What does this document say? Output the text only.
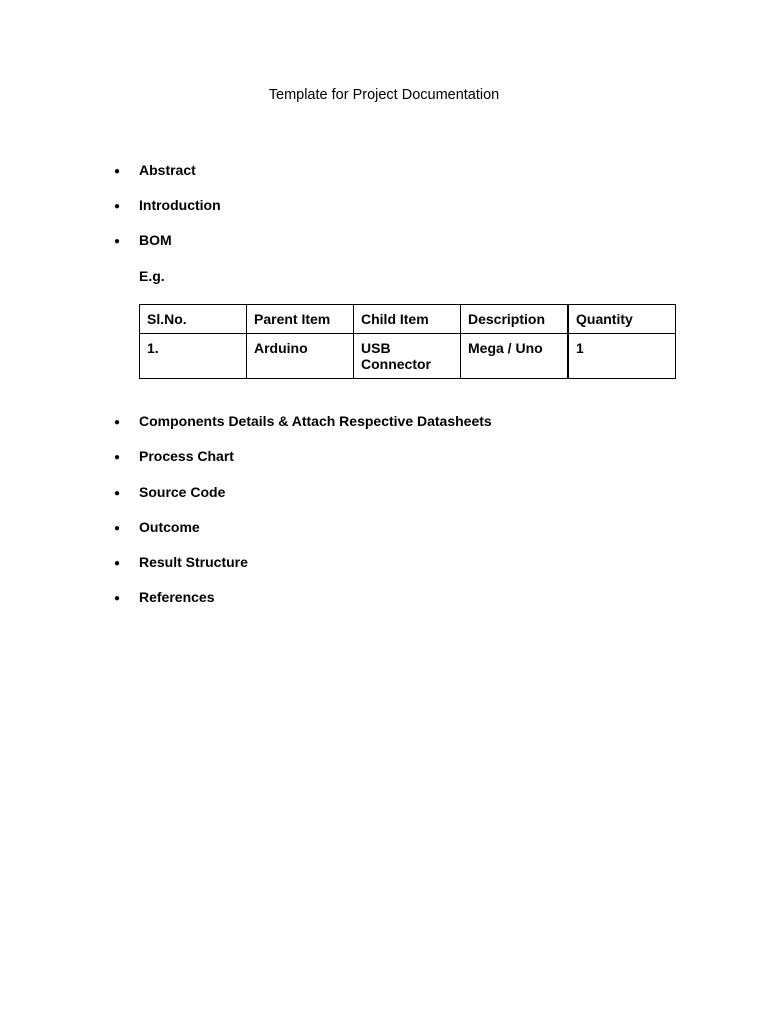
Template for Project Documentation
● Abstract
● Introduction
● BOM
E.g.
Sl.No.	Parent Item	Child Item	Description	Quantity
1.	Arduino	USB Connector	Mega / Uno	1
● Components Details & Attach Respective Datasheets
● Process Chart
● Source Code
● Outcome
● Result Structure
● References
